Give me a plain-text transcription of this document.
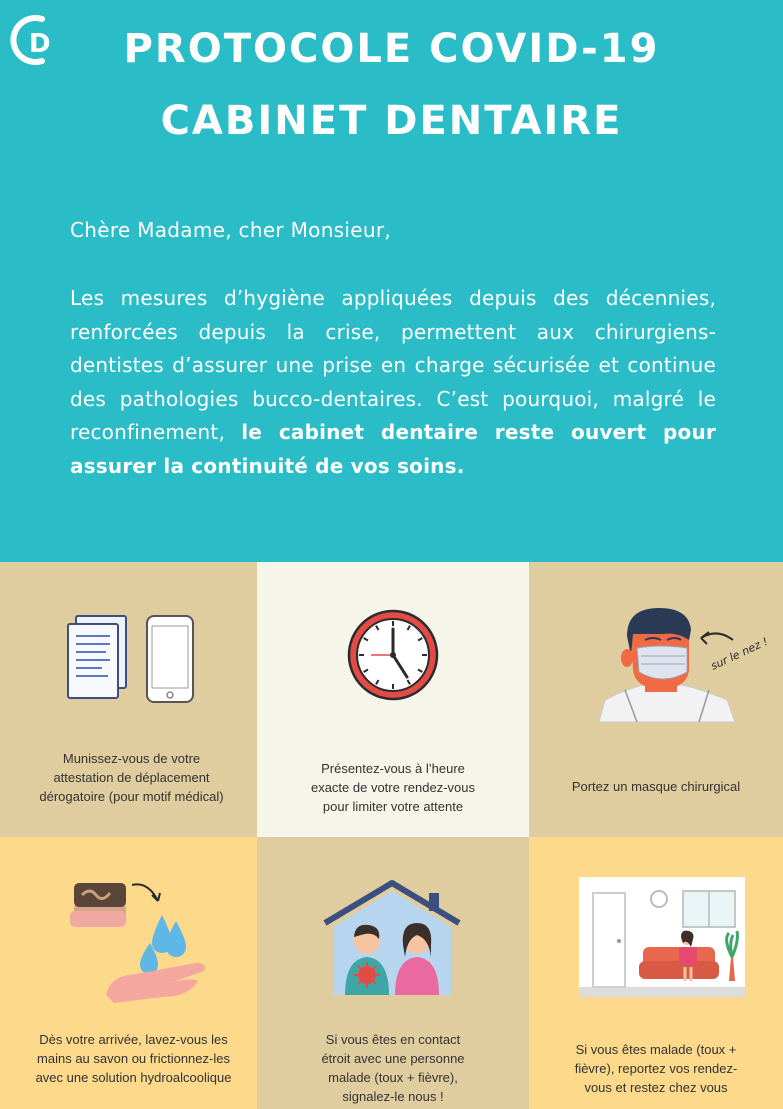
D	PROTOCOLE COVID-19
CABINET DENTAIRE
Chère Madame, cher Monsieur,
Les mesures d’hygiène appliquées depuis des décennies, renforcées depuis la crise, permettent aux chirurgiens-dentistes d’assurer une prise en charge sécurisée et continue des pathologies bucco-dentaires. C’est pourquoi, malgré le reconfinement, le cabinet dentaire reste ouvert pour assurer la continuité de vos soins.
Munissez-vous de votre attestation de déplacement dérogatoire (pour motif médical)
Présentez-vous à l’heure exacte de votre rendez-vous pour limiter votre attente
sur le nez !
Portez un masque chirurgical
Dès votre arrivée, lavez-vous les mains au savon ou frictionnez-les avec une solution hydroalcoolique
Si vous êtes en contact étroit avec une personne malade (toux + fièvre), signalez-le nous !
Si vous êtes malade (toux + fièvre), reportez vos rendez-vous et restez chez vous
